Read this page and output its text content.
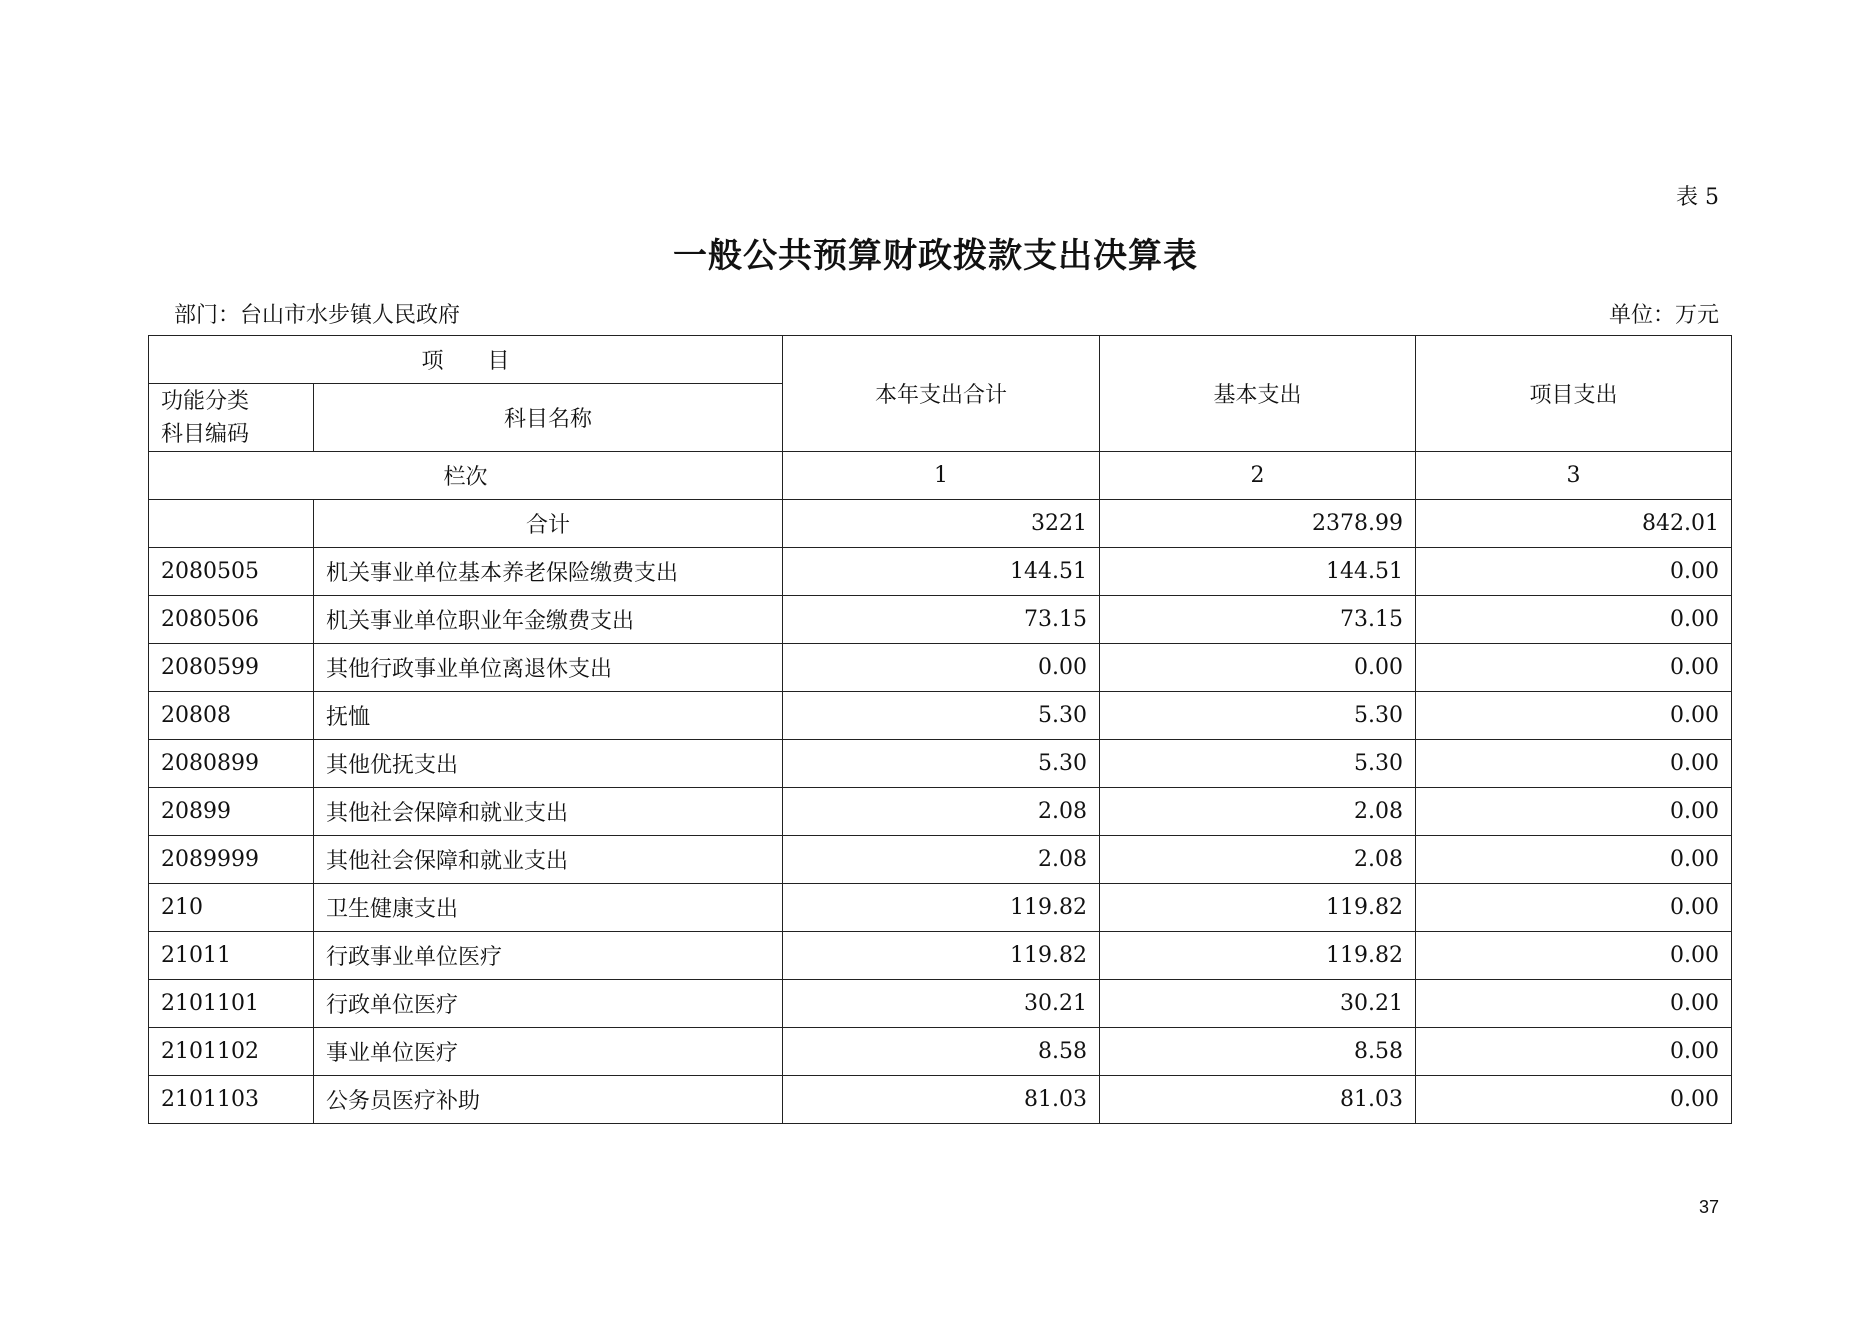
表 5
一般公共预算财政拨款支出决算表
部门：台山市水步镇人民政府	单位：万元
项　　目		本年支出合计	基本支出	项目支出

功能分类
科目编码	科目名称			
栏次		1	2	3
	合计	3221	2378.99	842.01
2080505	机关事业单位基本养老保险缴费支出	144.51	144.51	0.00
2080506	机关事业单位职业年金缴费支出	73.15	73.15	0.00
2080599	其他行政事业单位离退休支出	0.00	0.00	0.00
20808	抚恤	5.30	5.30	0.00
2080899	其他优抚支出	5.30	5.30	0.00
20899	其他社会保障和就业支出	2.08	2.08	0.00
2089999	其他社会保障和就业支出	2.08	2.08	0.00
210	卫生健康支出	119.82	119.82	0.00
21011	行政事业单位医疗	119.82	119.82	0.00
2101101	行政单位医疗	30.21	30.21	0.00
2101102	事业单位医疗	8.58	8.58	0.00
2101103	公务员医疗补助	81.03	81.03	0.00
37
